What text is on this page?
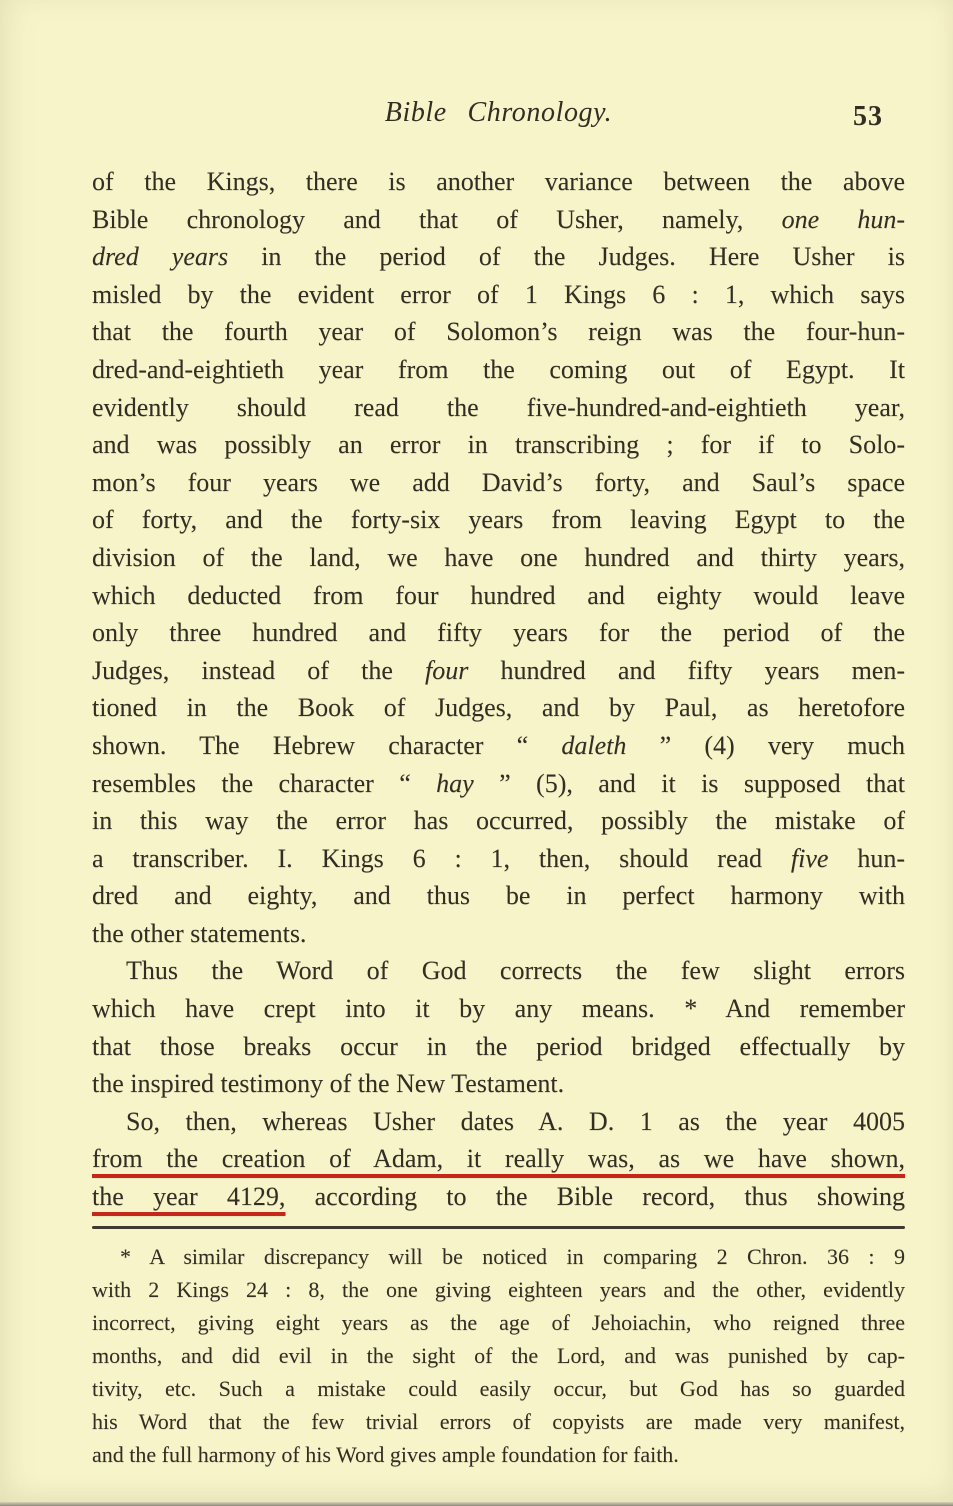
Bible Chronology.	53
of the Kings, there is another variance between the above
Bible chronology and that of Usher, namely, one hun-
dred years in the period of the Judges. Here Usher is
misled by the evident error of 1 Kings 6 : 1, which says
that the fourth year of Solomon’s reign was the four-hun-
dred-and-eightieth year from the coming out of Egypt. It
evidently should read the five-hundred-and-eightieth year,
and was possibly an error in transcribing ; for if to Solo-
mon’s four years we add David’s forty, and Saul’s space
of forty, and the forty-six years from leaving Egypt to the
division of the land, we have one hundred and thirty years,
which deducted from four hundred and eighty would leave
only three hundred and fifty years for the period of the
Judges, instead of the four hundred and fifty years men-
tioned in the Book of Judges, and by Paul, as heretofore
shown. The Hebrew character “ daleth ” (4) very much
resembles the character “ hay ” (5), and it is supposed that
in this way the error has occurred, possibly the mistake of
a transcriber. I. Kings 6 : 1, then, should read five hun-
dred and eighty, and thus be in perfect harmony with
the other statements.
Thus the Word of God corrects the few slight errors
which have crept into it by any means. * And remember
that those breaks occur in the period bridged effectually by
the inspired testimony of the New Testament.
So, then, whereas Usher dates A. D. 1 as the year 4005
from the creation of Adam, it really was, as we have shown,
the year 4129, according to the Bible record, thus showing
* A similar discrepancy will be noticed in comparing 2 Chron. 36 : 9
with 2 Kings 24 : 8, the one giving eighteen years and the other, evidently
incorrect, giving eight years as the age of Jehoiachin, who reigned three
months, and did evil in the sight of the Lord, and was punished by cap-
tivity, etc. Such a mistake could easily occur, but God has so guarded
his Word that the few trivial errors of copyists are made very manifest,
and the full harmony of his Word gives ample foundation for faith.
